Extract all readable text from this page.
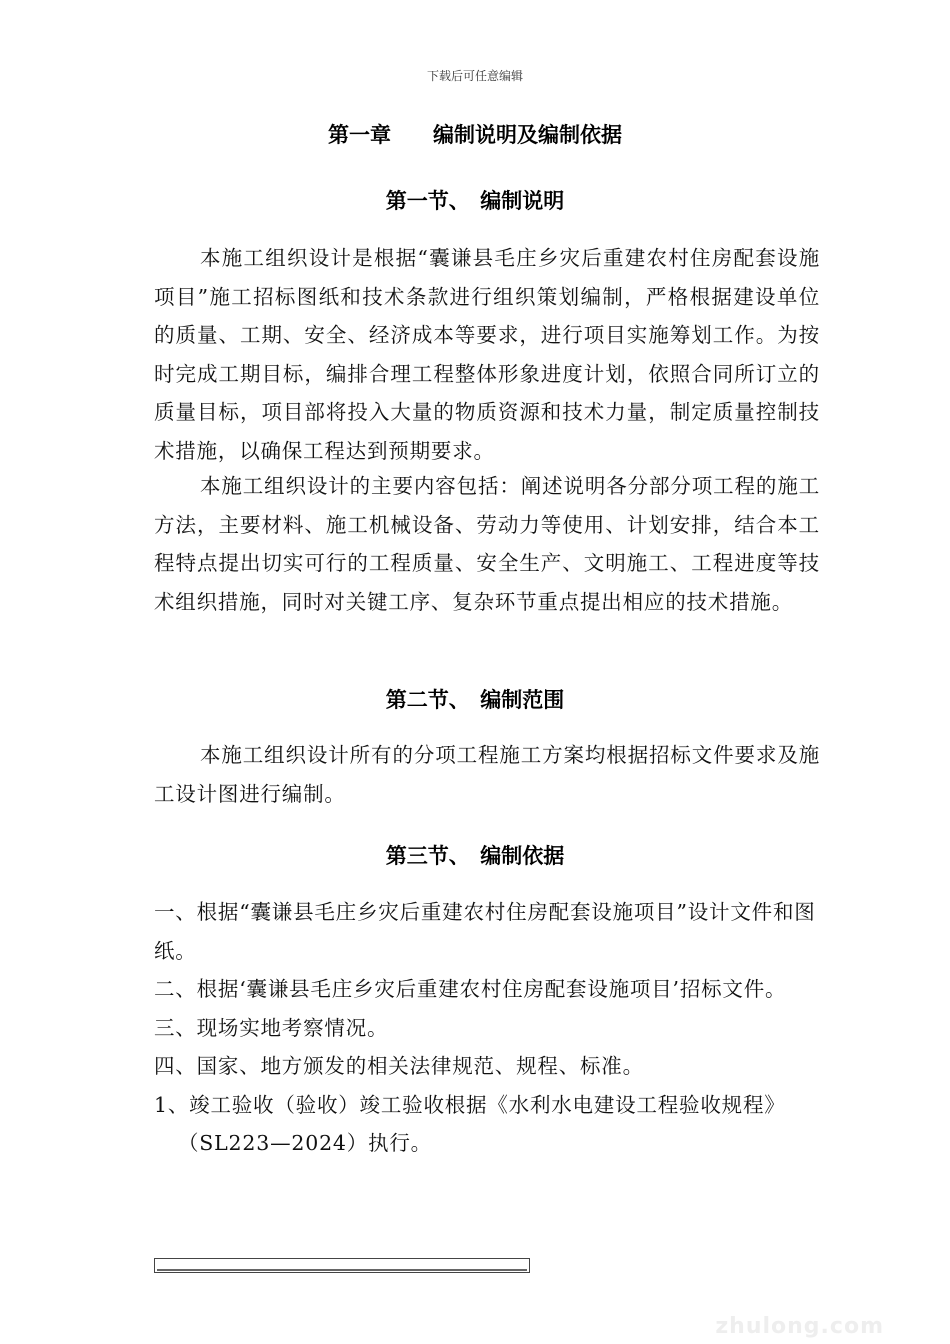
下载后可任意编辑
第一章　　编制说明及编制依据
第一节、　编制说明

本施工组织设计是根据“囊谦县毛庄乡灾后重建农村住房配套设施项目”施工招标图纸和技术条款进行组织策划编制，严格根据建设单位的质量、工期、安全、经济成本等要求，进行项目实施筹划工作。为按时完成工期目标，编排合理工程整体形象进度计划，依照合同所订立的质量目标，项目部将投入大量的物质资源和技术力量，制定质量控制技术措施，以确保工程达到预期要求。

本施工组织设计的主要内容包括：阐述说明各分部分项工程的施工方法，主要材料、施工机械设备、劳动力等使用、计划安排，结合本工程特点提出切实可行的工程质量、安全生产、文明施工、工程进度等技术组织措施，同时对关键工序、复杂环节重点提出相应的技术措施。

第二节、　编制范围

本施工组织设计所有的分项工程施工方案均根据招标文件要求及施工设计图进行编制。

第三节、　编制依据
一、根据“囊谦县毛庄乡灾后重建农村住房配套设施项目”设计文件和图纸。
二、根据‘囊谦县毛庄乡灾后重建农村住房配套设施项目’招标文件。
三、现场实地考察情况。
四、国家、地方颁发的相关法律规范、规程、标准。
1、竣工验收（验收）竣工验收根据《水利水电建设工程验收规程》
（SL223—2024）执行。
zhulong.com
